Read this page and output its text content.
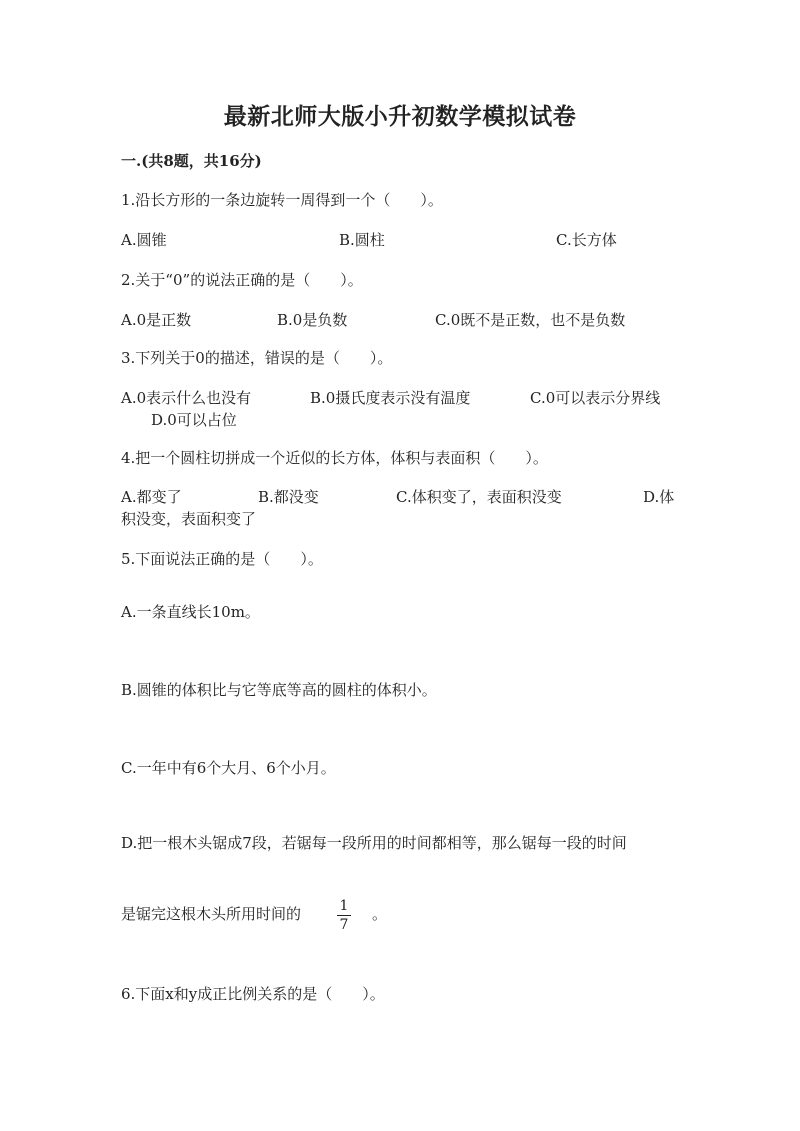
最新北师大版小升初数学模拟试卷
一.(共8题，共16分)
1.沿长方形的一条边旋转一周得到一个（　　）。
A.圆锥	B.圆柱	C.长方体
2.关于“0”的说法正确的是（　　）。
A.0是正数	B.0是负数	C.0既不是正数，也不是负数
3.下列关于0的描述，错误的是（　　）。
A.0表示什么也没有	B.0摄氏度表示没有温度	C.0可以表示分界线
D.0可以占位
4.把一个圆柱切拼成一个近似的长方体，体积与表面积（　　）。
A.都变了	B.都没变	C.体积变了，表面积没变	D.体
积没变，表面积变了
5.下面说法正确的是（　　）。
A.一条直线长10m。
B.圆锥的体积比与它等底等高的圆柱的体积小。
C.一年中有6个大月、6个小月。
D.把一根木头锯成7段，若锯每一段所用的时间都相等，那么锯每一段的时间
是锯完这根木头所用时间的	1
7
。
6.下面x和y成正比例关系的是（　　）。
